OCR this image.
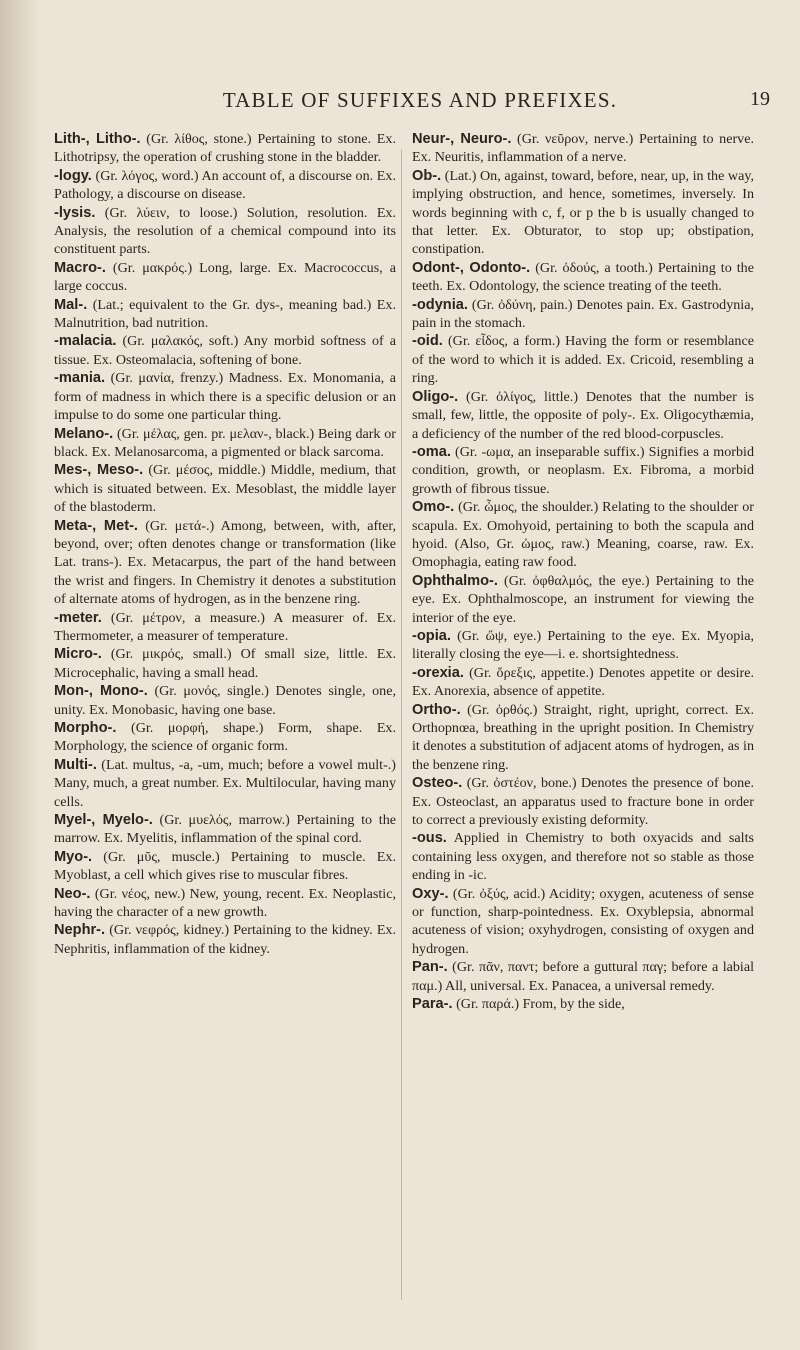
TABLE OF SUFFIXES AND PREFIXES.	19

Lith-, Litho-. (Gr. λίθος, stone.) Pertaining to stone. Ex. Lithotripsy, the operation of crushing stone in the bladder.

-logy. (Gr. λόγος, word.) An account of, a discourse on. Ex. Pathology, a discourse on disease.

-lysis. (Gr. λύειν, to loose.) Solution, resolution. Ex. Analysis, the resolution of a chemical compound into its constituent parts.

Macro-. (Gr. μακρός.) Long, large. Ex. Macrococcus, a large coccus.

Mal-. (Lat.; equivalent to the Gr. dys-, meaning bad.) Ex. Malnutrition, bad nutrition.

-malacia. (Gr. μαλακός, soft.) Any morbid softness of a tissue. Ex. Osteomalacia, softening of bone.

-mania. (Gr. μανία, frenzy.) Madness. Ex. Monomania, a form of madness in which there is a specific delusion or an impulse to do some one particular thing.

Melano-. (Gr. μέλας, gen. pr. μελαν-, black.) Being dark or black. Ex. Melanosarcoma, a pigmented or black sarcoma.

Mes-, Meso-. (Gr. μέσος, middle.) Middle, medium, that which is situated between. Ex. Mesoblast, the middle layer of the blastoderm.

Meta-, Met-. (Gr. μετά-.) Among, between, with, after, beyond, over; often denotes change or transformation (like Lat. trans-). Ex. Metacarpus, the part of the hand between the wrist and fingers. In Chemistry it denotes a substitution of alternate atoms of hydrogen, as in the benzene ring.

-meter. (Gr. μέτρον, a measure.) A measurer of. Ex. Thermometer, a measurer of temperature.

Micro-. (Gr. μικρός, small.) Of small size, little. Ex. Microcephalic, having a small head.

Mon-, Mono-. (Gr. μονός, single.) Denotes single, one, unity. Ex. Monobasic, having one base.

Morpho-. (Gr. μορφή, shape.) Form, shape. Ex. Morphology, the science of organic form.

Multi-. (Lat. multus, -a, -um, much; before a vowel mult-.) Many, much, a great number. Ex. Multilocular, having many cells.

Myel-, Myelo-. (Gr. μυελός, marrow.) Pertaining to the marrow. Ex. Myelitis, inflammation of the spinal cord.

Myo-. (Gr. μῦς, muscle.) Pertaining to muscle. Ex. Myoblast, a cell which gives rise to muscular fibres.

Neo-. (Gr. νέος, new.) New, young, recent. Ex. Neoplastic, having the character of a new growth.

Nephr-. (Gr. νεφρός, kidney.) Pertaining to the kidney. Ex. Nephritis, inflammation of the kidney.

Neur-, Neuro-. (Gr. νεῦρον, nerve.) Pertaining to nerve. Ex. Neuritis, inflammation of a nerve.

Ob-. (Lat.) On, against, toward, before, near, up, in the way, implying obstruction, and hence, sometimes, inversely. In words beginning with c, f, or p the b is usually changed to that letter. Ex. Obturator, to stop up; obstipation, constipation.

Odont-, Odonto-. (Gr. ὀδούς, a tooth.) Pertaining to the teeth. Ex. Odontology, the science treating of the teeth.

-odynia. (Gr. ὀδύνη, pain.) Denotes pain. Ex. Gastrodynia, pain in the stomach.

-oid. (Gr. εἶδος, a form.) Having the form or resemblance of the word to which it is added. Ex. Cricoid, resembling a ring.

Oligo-. (Gr. ὀλίγος, little.) Denotes that the number is small, few, little, the opposite of poly-. Ex. Oligocythæmia, a deficiency of the number of the red blood-corpuscles.

-oma. (Gr. -ωμα, an inseparable suffix.) Signifies a morbid condition, growth, or neoplasm. Ex. Fibroma, a morbid growth of fibrous tissue.

Omo-. (Gr. ὦμος, the shoulder.) Relating to the shoulder or scapula. Ex. Omohyoid, pertaining to both the scapula and hyoid. (Also, Gr. ὠμος, raw.) Meaning, coarse, raw. Ex. Omophagia, eating raw food.

Ophthalmo-. (Gr. ὀφθαλμός, the eye.) Pertaining to the eye. Ex. Ophthalmoscope, an instrument for viewing the interior of the eye.

-opia. (Gr. ὤψ, eye.) Pertaining to the eye. Ex. Myopia, literally closing the eye—i. e. shortsightedness.

-orexia. (Gr. ὄρεξις, appetite.) Denotes appetite or desire. Ex. Anorexia, absence of appetite.

Ortho-. (Gr. ὀρθός.) Straight, right, upright, correct. Ex. Orthopnœa, breathing in the upright position. In Chemistry it denotes a substitution of adjacent atoms of hydrogen, as in the benzene ring.

Osteo-. (Gr. ὀστέον, bone.) Denotes the presence of bone. Ex. Osteoclast, an apparatus used to fracture bone in order to correct a previously existing deformity.

-ous. Applied in Chemistry to both oxyacids and salts containing less oxygen, and therefore not so stable as those ending in -ic.

Oxy-. (Gr. ὀξύς, acid.) Acidity; oxygen, acuteness of sense or function, sharp-pointedness. Ex. Oxyblepsia, abnormal acuteness of vision; oxyhydrogen, consisting of oxygen and hydrogen.

Pan-. (Gr. πᾶν, παντ; before a guttural παγ; before a labial παμ.) All, universal. Ex. Panacea, a universal remedy.

Para-. (Gr. παρά.) From, by the side,
